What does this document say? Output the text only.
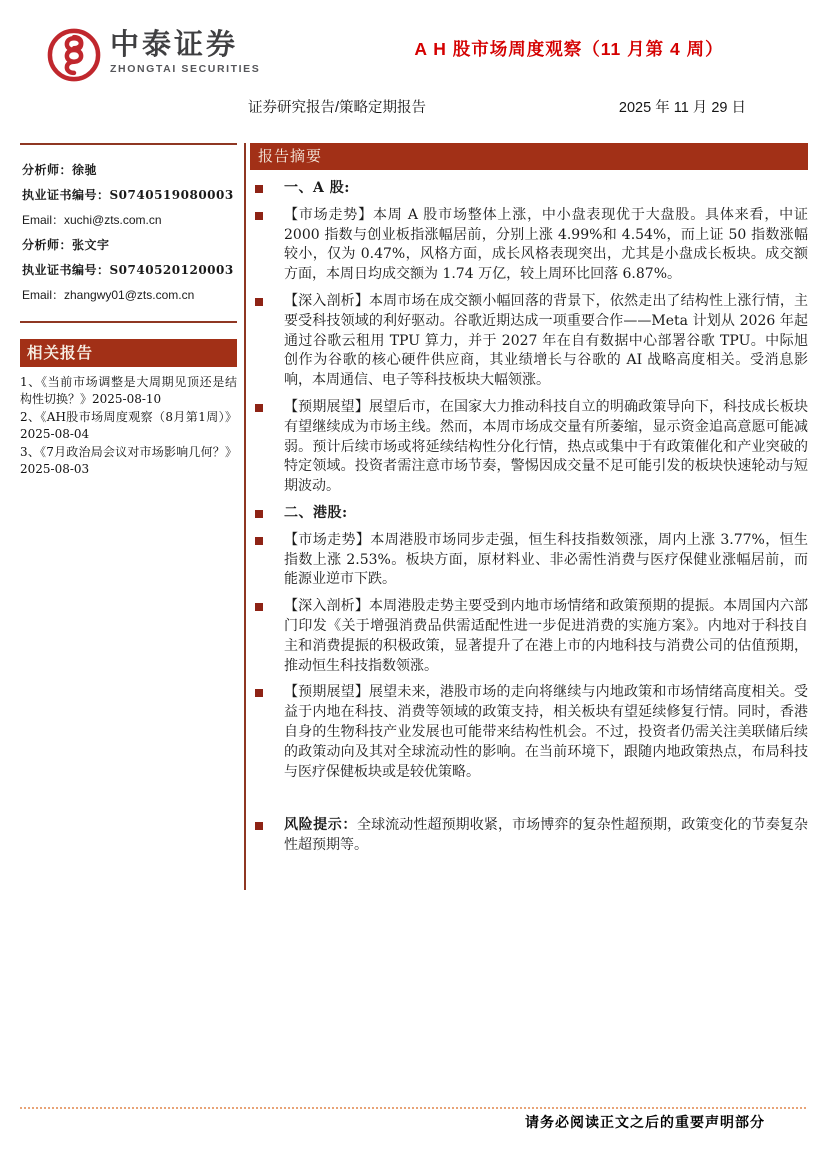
中泰证券
ZHONGTAI SECURITIES
A H 股市场周度观察（11 月第 4 周）
证券研究报告/策略定期报告	2025 年 11 月 29 日
分析师：徐驰
执业证书编号：S0740519080003
Email：xuchi@zts.com.cn
分析师：张文宇
执业证书编号：S0740520120003
Email：zhangwy01@zts.com.cn
相关报告
1、《当前市场调整是大周期见顶还是结构性切换？》2025-08-10
2、《AH股市场周度观察（8月第1周）》2025-08-04
3、《7月政治局会议对市场影响几何？》2025-08-03
报告摘要

一、A 股:

【市场走势】本周 A 股市场整体上涨，中小盘表现优于大盘股。具体来看，中证 2000 指数与创业板指涨幅居前，分别上涨 4.99%和 4.54%，而上证 50 指数涨幅较小，仅为 0.47%，风格方面，成长风格表现突出，尤其是小盘成长板块。成交额方面，本周日均成交额为 1.74 万亿，较上周环比回落 6.87%。

【深入剖析】本周市场在成交额小幅回落的背景下，依然走出了结构性上涨行情，主要受科技领域的利好驱动。谷歌近期达成一项重要合作——Meta 计划从 2026 年起通过谷歌云租用 TPU 算力，并于 2027 年在自有数据中心部署谷歌 TPU。中际旭创作为谷歌的核心硬件供应商，其业绩增长与谷歌的 AI 战略高度相关。受消息影响，本周通信、电子等科技板块大幅领涨。

【预期展望】展望后市，在国家大力推动科技自立的明确政策导向下，科技成长板块有望继续成为市场主线。然而，本周市场成交量有所萎缩，显示资金追高意愿可能减弱。预计后续市场或将延续结构性分化行情，热点或集中于有政策催化和产业突破的特定领域。投资者需注意市场节奏，警惕因成交量不足可能引发的板块快速轮动与短期波动。

二、港股:

【市场走势】本周港股市场同步走强，恒生科技指数领涨，周内上涨 3.77%，恒生指数上涨 2.53%。板块方面，原材料业、非必需性消费与医疗保健业涨幅居前，而能源业逆市下跌。

【深入剖析】本周港股走势主要受到内地市场情绪和政策预期的提振。本周国内六部门印发《关于增强消费品供需适配性进一步促进消费的实施方案》。内地对于科技自主和消费提振的积极政策，显著提升了在港上市的内地科技与消费公司的估值预期，推动恒生科技指数领涨。

【预期展望】展望未来，港股市场的走向将继续与内地政策和市场情绪高度相关。受益于内地在科技、消费等领域的政策支持，相关板块有望延续修复行情。同时，香港自身的生物科技产业发展也可能带来结构性机会。不过，投资者仍需关注美联储后续的政策动向及其对全球流动性的影响。在当前环境下，跟随内地政策热点，布局科技与医疗保健板块或是较优策略。

风险提示：全球流动性超预期收紧，市场博弈的复杂性超预期，政策变化的节奏复杂性超预期等。

请务必阅读正文之后的重要声明部分
